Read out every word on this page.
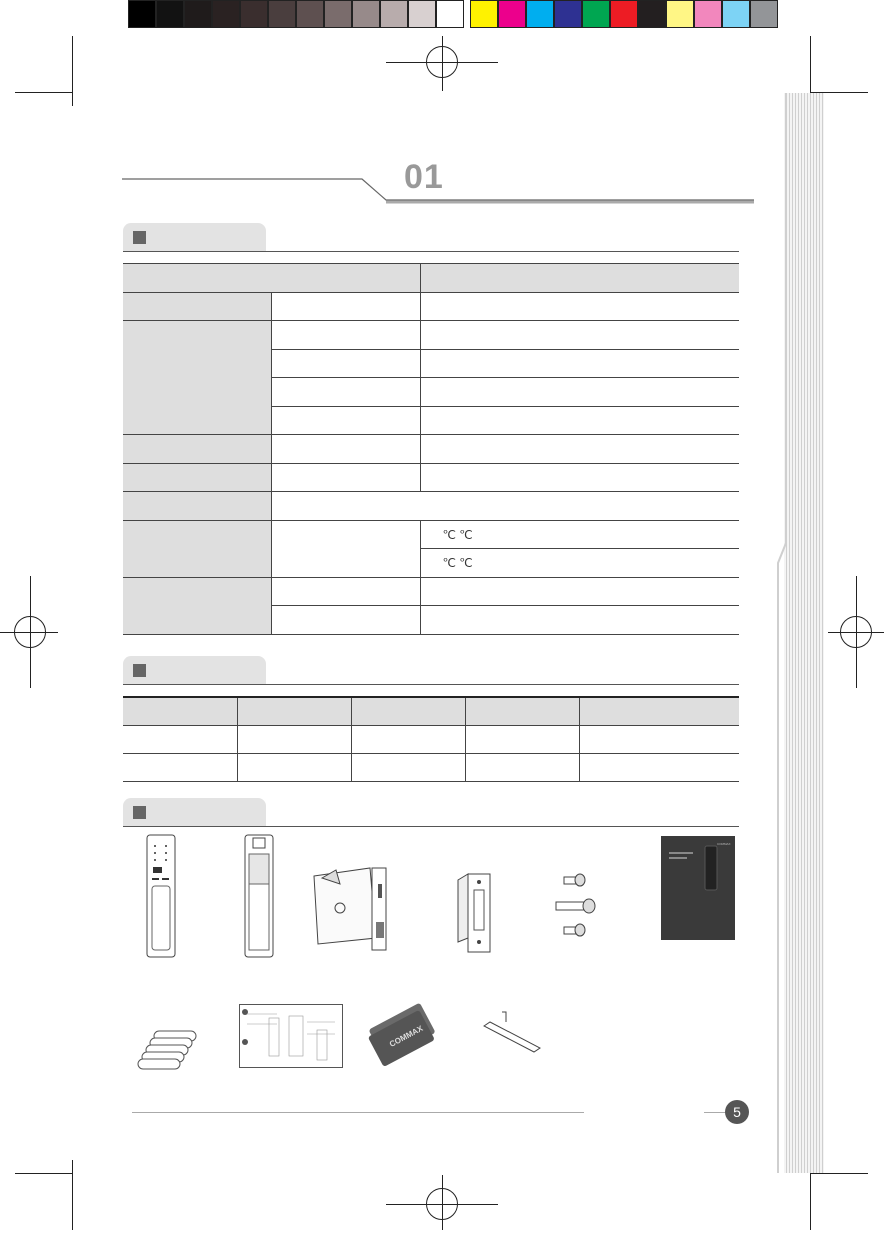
01

		℃ ℃
		℃ ℃

COMMAX
COMMAX
5
